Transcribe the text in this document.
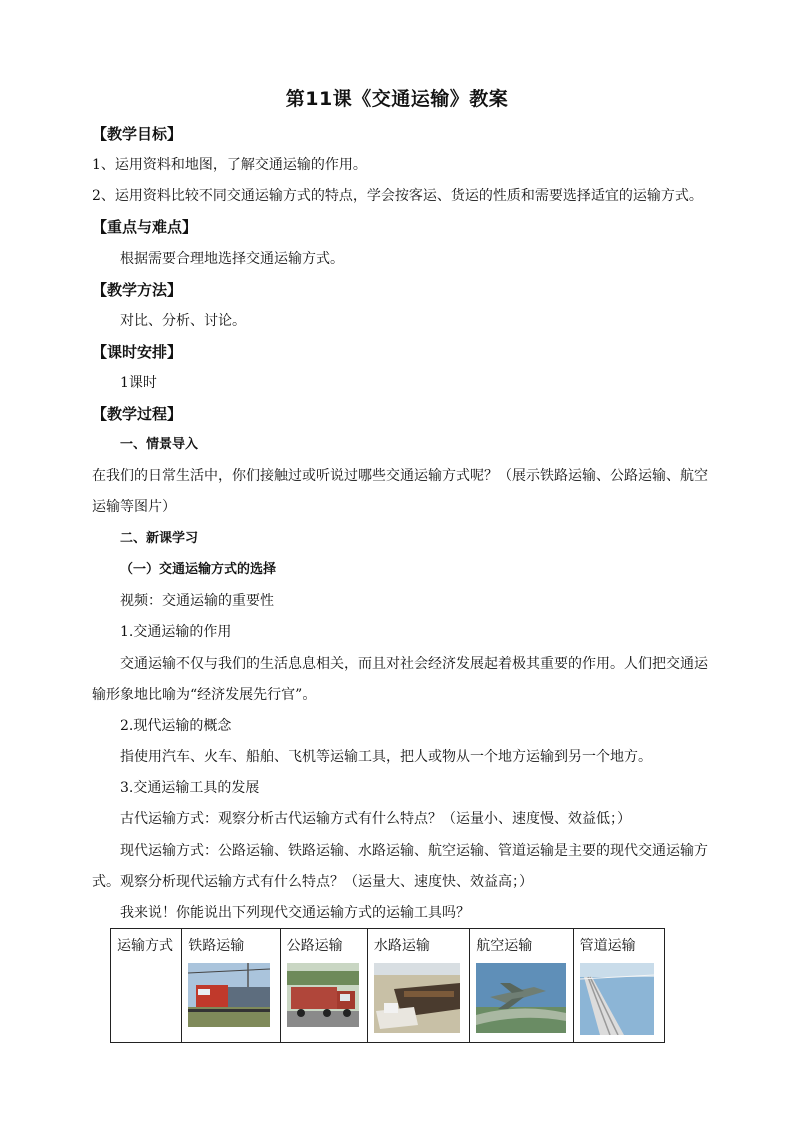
第11课《交通运输》教案
【教学目标】
1、运用资料和地图，了解交通运输的作用。
2、运用资料比较不同交通运输方式的特点，学会按客运、货运的性质和需要选择适宜的运输方式。
【重点与难点】
根据需要合理地选择交通运输方式。
【教学方法】
对比、分析、讨论。
【课时安排】
1课时
【教学过程】
一、情景导入
在我们的日常生活中，你们接触过或听说过哪些交通运输方式呢？（展示铁路运输、公路运输、航空
运输等图片）
二、新课学习
（一）交通运输方式的选择
视频：交通运输的重要性
1.交通运输的作用
交通运输不仅与我们的生活息息相关，而且对社会经济发展起着极其重要的作用。人们把交通运
输形象地比喻为“经济发展先行官”。
2.现代运输的概念
指使用汽车、火车、船舶、飞机等运输工具，把人或物从一个地方运输到另一个地方。
3.交通运输工具的发展
古代运输方式：观察分析古代运输方式有什么特点？（运量小、速度慢、效益低；）
现代运输方式：公路运输、铁路运输、水路运输、航空运输、管道运输是主要的现代交通运输方
式。观察分析现代运输方式有什么特点？（运量大、速度快、效益高；）
我来说！你能说出下列现代交通运输方式的运输工具吗？
运输方式	铁路运输	公路运输	水路运输	航空运输	管道运输
